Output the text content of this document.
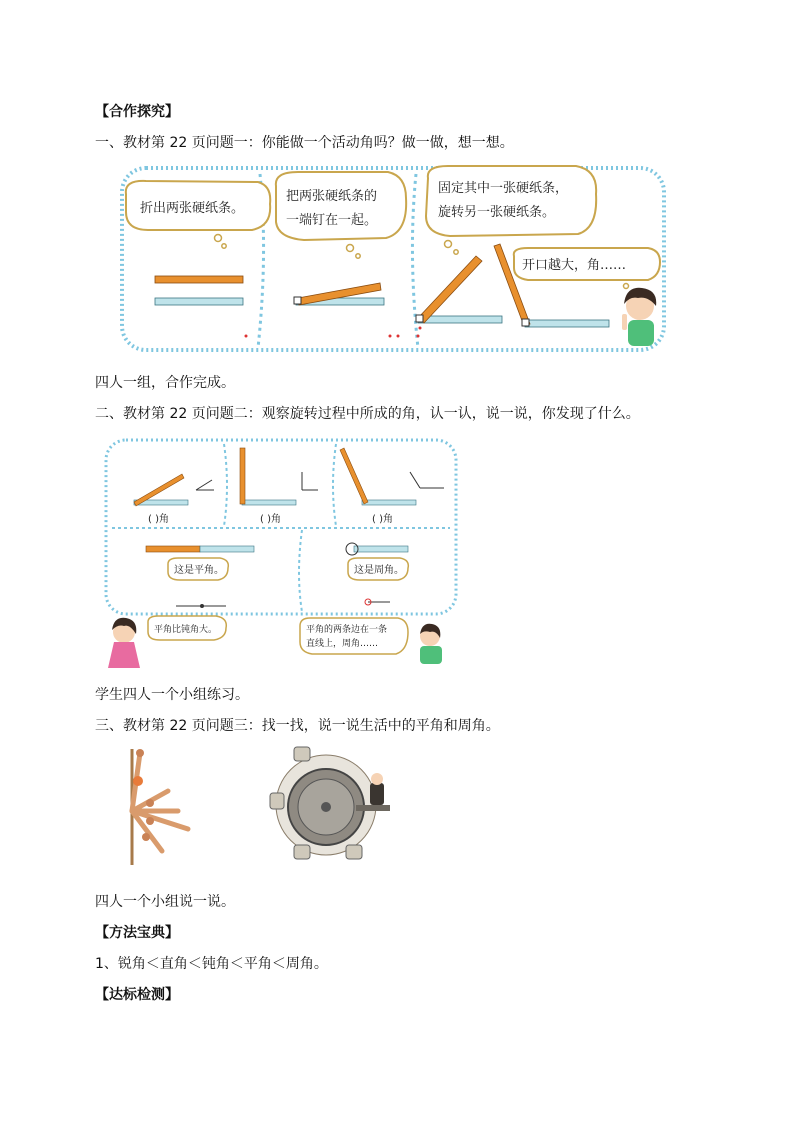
【合作探究】
一、教材第 22 页问题一：你能做一个活动角吗？做一做，想一想。
折出两张硬纸条。
把两张硬纸条的
一端钉在一起。
固定其中一张硬纸条，
旋转另一张硬纸条。
开口越大，角……
四人一组，合作完成。
二、教材第 22 页问题二：观察旋转过程中所成的角，认一认，说一说，你发现了什么。
( )角	( )角	( )角
这是平角。	这是周角。
平角比钝角大。	平角的两条边在一条
直线上，周角……
学生四人一个小组练习。
三、教材第 22 页问题三：找一找，说一说生活中的平角和周角。
四人一个小组说一说。
【方法宝典】
1、锐角＜直角＜钝角＜平角＜周角。
【达标检测】
